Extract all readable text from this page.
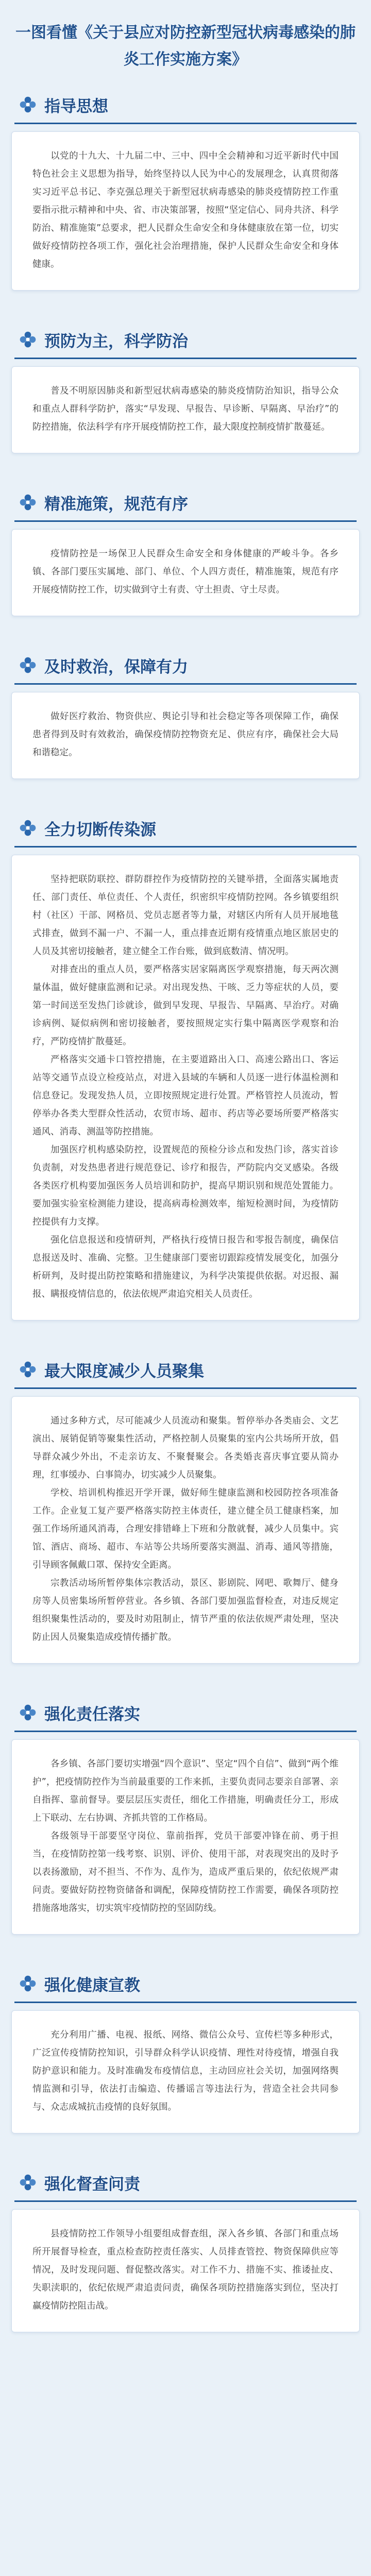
一图看懂《关于县应对防控新型冠状病毒感染的肺炎工作实施方案》
指导思想

以党的十九大、十九届二中、三中、四中全会精神和习近平新时代中国特色社会主义思想为指导，始终坚持以人民为中心的发展理念，认真贯彻落实习近平总书记、李克强总理关于新型冠状病毒感染的肺炎疫情防控工作重要指示批示精神和中央、省、市决策部署，按照“坚定信心、同舟共济、科学防治、精准施策”总要求，把人民群众生命安全和身体健康放在第一位，切实做好疫情防控各项工作，强化社会治理措施，保护人民群众生命安全和身体健康。

预防为主，科学防治

普及不明原因肺炎和新型冠状病毒感染的肺炎疫情防治知识，指导公众和重点人群科学防护，落实“早发现、早报告、早诊断、早隔离、早治疗”的防控措施，依法科学有序开展疫情防控工作，最大限度控制疫情扩散蔓延。

精准施策，规范有序

疫情防控是一场保卫人民群众生命安全和身体健康的严峻斗争。各乡镇、各部门要压实属地、部门、单位、个人四方责任，精准施策，规范有序开展疫情防控工作，切实做到守土有责、守土担责、守土尽责。

及时救治，保障有力

做好医疗救治、物资供应、舆论引导和社会稳定等各项保障工作，确保患者得到及时有效救治，确保疫情防控物资充足、供应有序，确保社会大局和谐稳定。

全力切断传染源

坚持把联防联控、群防群控作为疫情防控的关键举措，全面落实属地责任、部门责任、单位责任、个人责任，织密织牢疫情防控网。各乡镇要组织村（社区）干部、网格员、党员志愿者等力量，对辖区内所有人员开展地毯式排查，做到不漏一户、不漏一人，重点排查近期有疫情重点地区旅居史的人员及其密切接触者，建立健全工作台账，做到底数清、情况明。

对排查出的重点人员，要严格落实居家隔离医学观察措施，每天两次测量体温，做好健康监测和记录。对出现发热、干咳、乏力等症状的人员，要第一时间送至发热门诊就诊，做到早发现、早报告、早隔离、早治疗。对确诊病例、疑似病例和密切接触者，要按照规定实行集中隔离医学观察和治疗，严防疫情扩散蔓延。

严格落实交通卡口管控措施，在主要道路出入口、高速公路出口、客运站等交通节点设立检疫站点，对进入县域的车辆和人员逐一进行体温检测和信息登记。发现发热人员，立即按照规定进行处置。严格管控人员流动，暂停举办各类大型群众性活动，农贸市场、超市、药店等必要场所要严格落实通风、消毒、测温等防控措施。

加强医疗机构感染防控，设置规范的预检分诊点和发热门诊，落实首诊负责制，对发热患者进行规范登记、诊疗和报告，严防院内交叉感染。各级各类医疗机构要加强医务人员培训和防护，提高早期识别和规范处置能力。要加强实验室检测能力建设，提高病毒检测效率，缩短检测时间，为疫情防控提供有力支撑。

强化信息报送和疫情研判，严格执行疫情日报告和零报告制度，确保信息报送及时、准确、完整。卫生健康部门要密切跟踪疫情发展变化，加强分析研判，及时提出防控策略和措施建议，为科学决策提供依据。对迟报、漏报、瞒报疫情信息的，依法依规严肃追究相关人员责任。

最大限度减少人员聚集

通过多种方式，尽可能减少人员流动和聚集。暂停举办各类庙会、文艺演出、展销促销等聚集性活动，严格控制人员聚集的室内公共场所开放，倡导群众减少外出，不走亲访友、不聚餐聚会。各类婚丧喜庆事宜要从简办理，红事缓办、白事简办，切实减少人员聚集。

学校、培训机构推迟开学开课，做好师生健康监测和校园防控各项准备工作。企业复工复产要严格落实防控主体责任，建立健全员工健康档案，加强工作场所通风消毒，合理安排错峰上下班和分散就餐，减少人员集中。宾馆、酒店、商场、超市、车站等公共场所要落实测温、消毒、通风等措施，引导顾客佩戴口罩、保持安全距离。

宗教活动场所暂停集体宗教活动，景区、影剧院、网吧、歌舞厅、健身房等人员密集场所暂停营业。各乡镇、各部门要加强监督检查，对违反规定组织聚集性活动的，要及时劝阻制止，情节严重的依法依规严肃处理，坚决防止因人员聚集造成疫情传播扩散。

强化责任落实

各乡镇、各部门要切实增强“四个意识”、坚定“四个自信”、做到“两个维护”，把疫情防控作为当前最重要的工作来抓，主要负责同志要亲自部署、亲自指挥、靠前督导。要层层压实责任，细化工作措施，明确责任分工，形成上下联动、左右协调、齐抓共管的工作格局。

各级领导干部要坚守岗位、靠前指挥，党员干部要冲锋在前、勇于担当，在疫情防控第一线考察、识别、评价、使用干部，对表现突出的及时予以表扬激励，对不担当、不作为、乱作为，造成严重后果的，依纪依规严肃问责。要做好防控物资储备和调配，保障疫情防控工作需要，确保各项防控措施落地落实，切实筑牢疫情防控的坚固防线。

强化健康宣教

充分利用广播、电视、报纸、网络、微信公众号、宣传栏等多种形式，广泛宣传疫情防控知识，引导群众科学认识疫情、理性对待疫情，增强自我防护意识和能力。及时准确发布疫情信息，主动回应社会关切，加强网络舆情监测和引导，依法打击编造、传播谣言等违法行为，营造全社会共同参与、众志成城抗击疫情的良好氛围。

强化督查问责

县疫情防控工作领导小组要组成督查组，深入各乡镇、各部门和重点场所开展督导检查，重点检查防控责任落实、人员排查管控、物资保障供应等情况，及时发现问题、督促整改落实。对工作不力、措施不实、推诿扯皮、失职渎职的，依纪依规严肃追责问责，确保各项防控措施落实到位，坚决打赢疫情防控阻击战。
